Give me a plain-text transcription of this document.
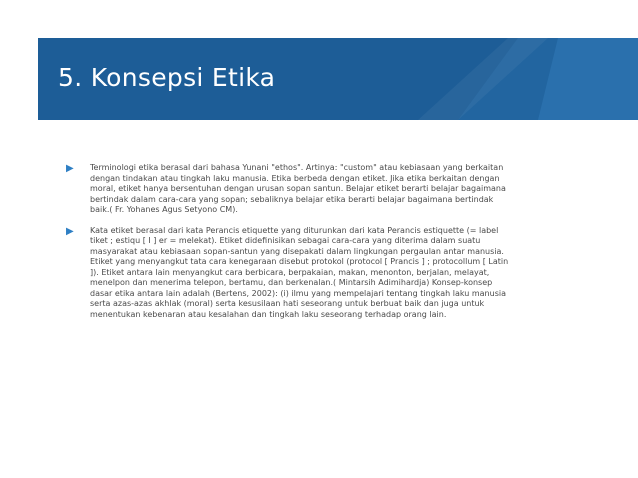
5. Konsepsi Etika
▶	Terminologi etika berasal dari bahasa Yunani "ethos". Artinya: "custom" atau kebiasaan yang berkaitan dengan tindakan atau tingkah laku manusia. Etika berbeda dengan etiket. Jika etika berkaitan dengan moral, etiket hanya bersentuhan dengan urusan sopan santun. Belajar etiket berarti belajar bagaimana bertindak dalam cara-cara yang sopan; sebaliknya belajar etika berarti belajar bagaimana bertindak baik.( Fr. Yohanes Agus Setyono CM).

▶	Kata etiket berasal dari kata Perancis etiquette yang diturunkan dari kata Perancis estiquette (= label tiket ; estiqu [ I ] er = melekat). Etiket didefinisikan sebagai cara-cara yang diterima dalam suatu masyarakat atau kebiasaan sopan-santun yang disepakati dalam lingkungan pergaulan antar manusia. Etiket yang menyangkut tata cara kenegaraan disebut protokol (protocol [ Prancis ] ; protocollum [ Latin ]). Etiket antara lain menyangkut cara berbicara, berpakaian, makan, menonton, berjalan, melayat, menelpon dan menerima telepon, bertamu, dan berkenalan.( Mintarsih Adimihardja) Konsep-konsep dasar etika antara lain adalah (Bertens, 2002): (i) ilmu yang mempelajari tentang tingkah laku manusia serta azas-azas akhlak (moral) serta kesusilaan hati seseorang untuk berbuat baik dan juga untuk menentukan kebenaran atau kesalahan dan tingkah laku seseorang terhadap orang lain.
